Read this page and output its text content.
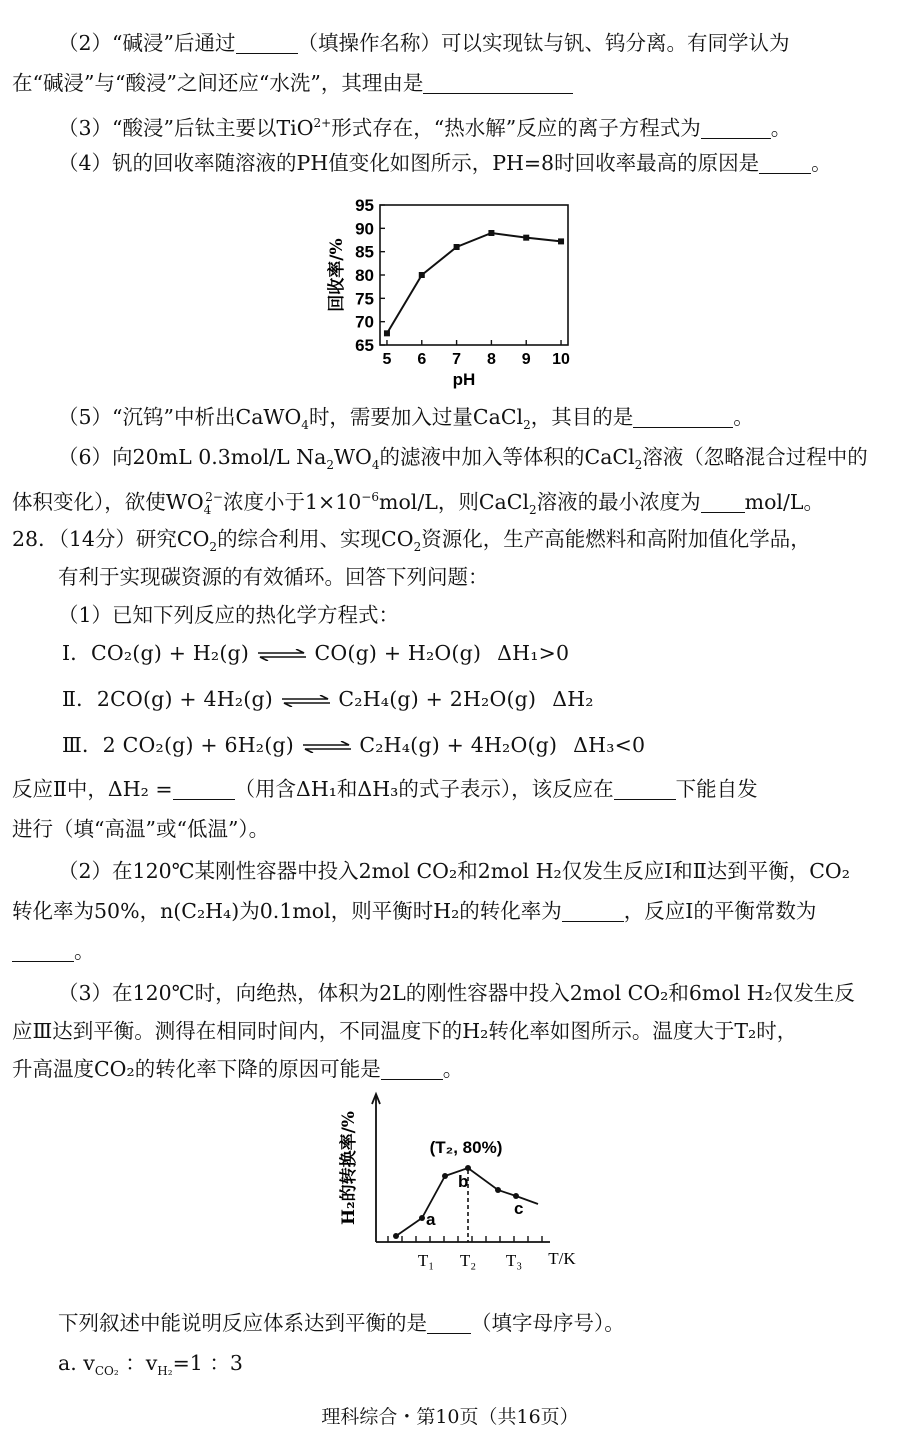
（2）“碱浸”后通过	（填操作名称）可以实现钛与钒、钨分离。有同学认为
在“碱浸”与“酸浸”之间还应“水洗”，其理由是
（3）“酸浸”后钛主要以TiO$^{2+}$形式存在，“热水解”反应的离子方程式为	。
（4）钒的回收率随溶液的PH值变化如图所示，PH=8时回收率最高的原因是	。
65
70
75
80
85
90
95
5 6 7 8 9 10
pH
回收率/%
（5）“沉钨”中析出CaWO$_4$时，需要加入过量CaCl$_2$，其目的是	。
（6）向20mL 0.3mol/L $Na_2WO_4$的滤液中加入等体积的CaCl$_2$溶液（忽略混合过程中的
体积变化），欲使$WO_4^{2-}$浓度小于$1\times 10^{-6}mol/L$，则CaCl$_2$溶液的最小浓度为 mol/L。
28．（14分）研究$CO_2$的综合利用、实现$CO_2$资源化，生产高能燃料和高附加值化学品，
有利于实现碳资源的有效循环。回答下列问题：
（1）已知下列反应的热化学方程式：
Ⅰ．CO₂(g) + H₂(g) ⇌ CO(g) + H₂O(g) ΔH₁>0
Ⅱ．2CO(g) + 4H₂(g) ⇌ C₂H₄(g) + 2H₂O(g) ΔH₂
Ⅲ．2 CO₂(g) + 6H₂(g) ⇌ C₂H₄(g) + 4H₂O(g) ΔH₃<0
反应Ⅱ中，ΔH₂ =	（用含ΔH₁和ΔH₃的式子表示），该反应在	下能自发
进行（填“高温”或“低温”）。
（2）在120℃某刚性容器中投入2mol CO₂和2mol H₂仅发生反应Ⅰ和Ⅱ达到平衡，CO₂
转化率为50%，n(C₂H₄)为0.1mol，则平衡时H₂的转化率为	，反应Ⅰ的平衡常数为
。
（3）在120℃时，向绝热，体积为2L的刚性容器中投入2mol CO₂和6mol H₂仅发生反
应Ⅲ达到平衡。测得在相同时间内，不同温度下的H₂转化率如图所示。温度大于T₂时，
升高温度CO₂的转化率下降的原因可能是	。
H₂的转换率/%
T₁ T₂ T₃ T/K
(T₂, 80%)
a
b
c
下列叙述中能说明反应体系达到平衡的是 （填字母序号）。
a. $v_{CO_2}$ ：$v_{H_2}=1$ ：3
理科综合・第10页（共16页）
